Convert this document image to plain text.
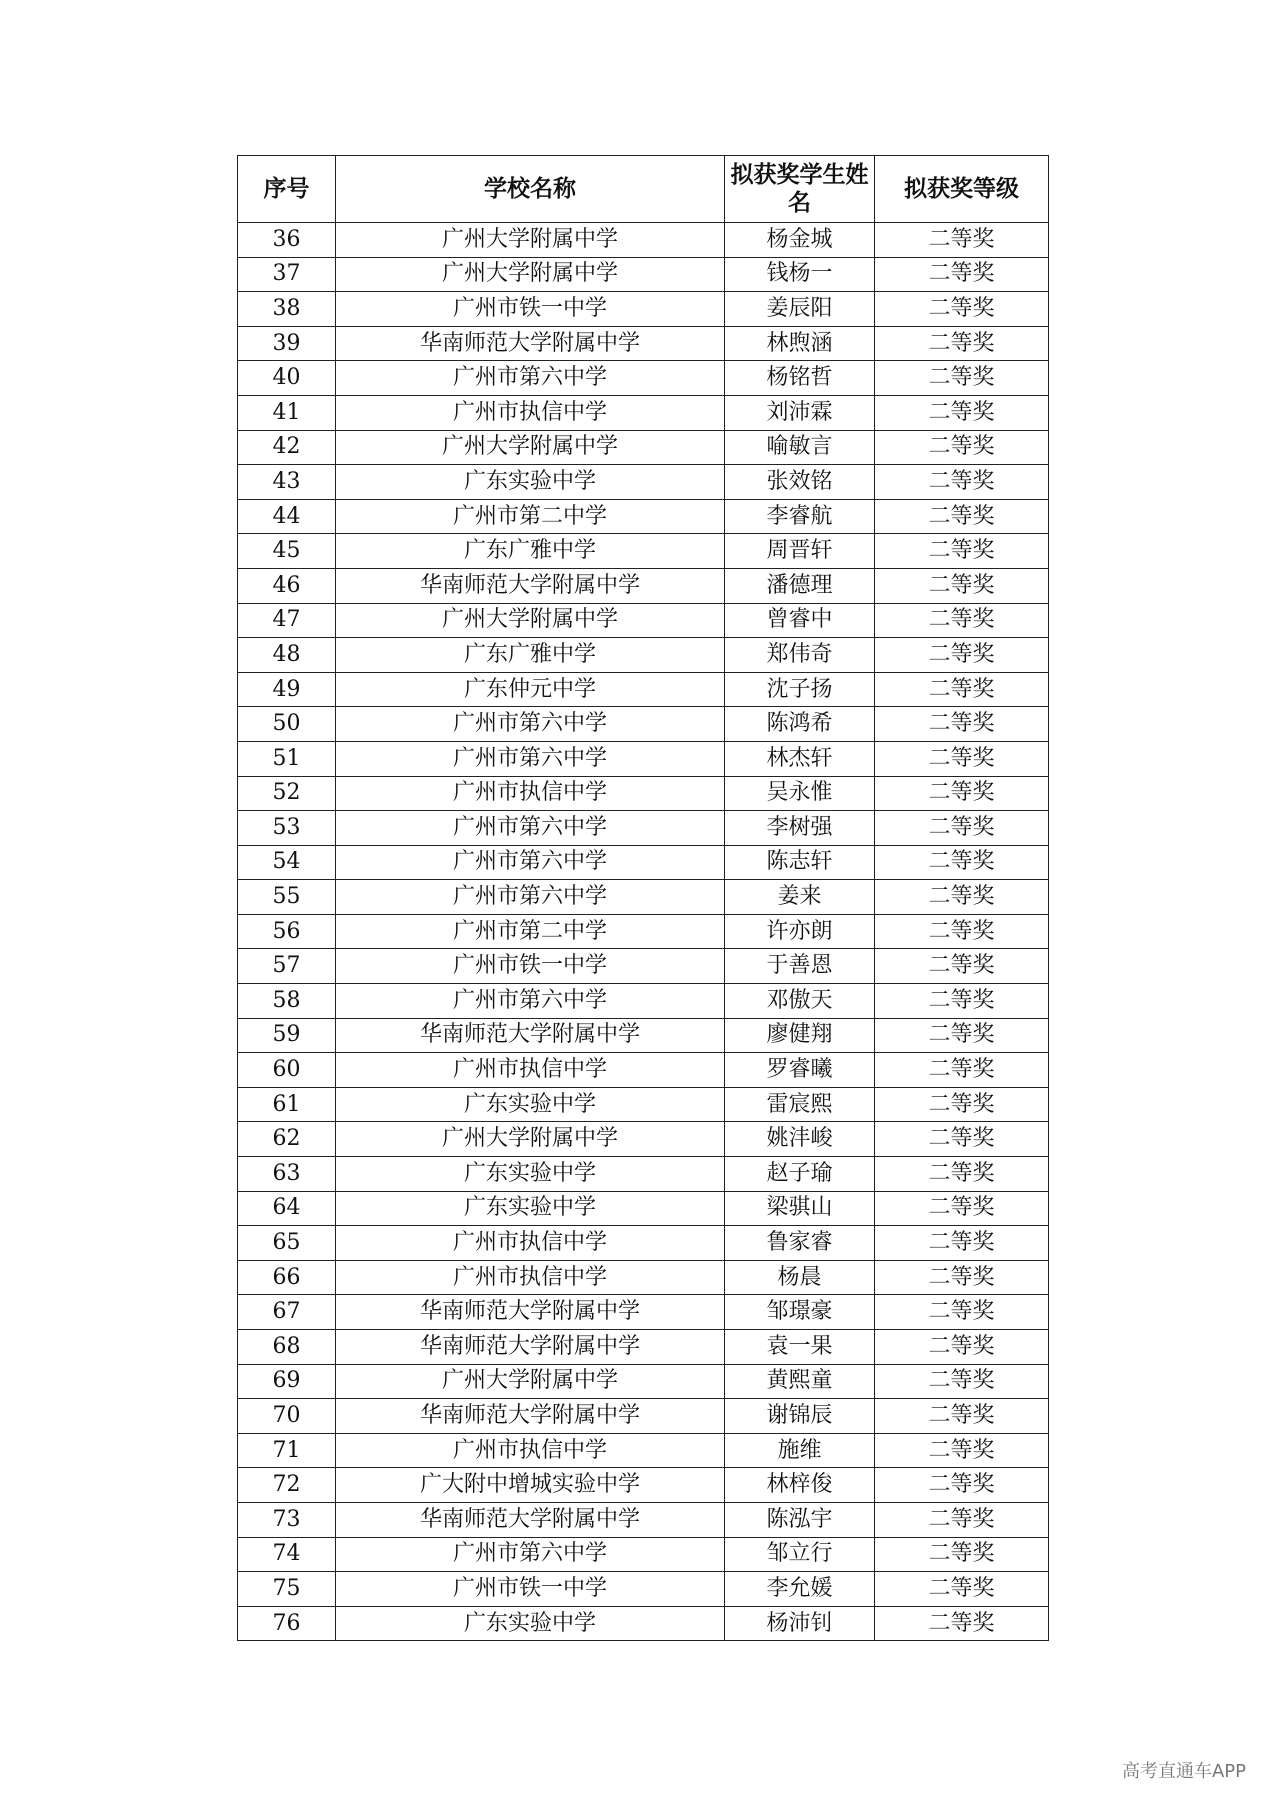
序号	学校名称	拟获奖学生姓名	拟获奖等级
36	广州大学附属中学	杨金城	二等奖
37	广州大学附属中学	钱杨一	二等奖
38	广州市铁一中学	姜辰阳	二等奖
39	华南师范大学附属中学	林煦涵	二等奖
40	广州市第六中学	杨铭哲	二等奖
41	广州市执信中学	刘沛霖	二等奖
42	广州大学附属中学	喻敏言	二等奖
43	广东实验中学	张效铭	二等奖
44	广州市第二中学	李睿航	二等奖
45	广东广雅中学	周晋轩	二等奖
46	华南师范大学附属中学	潘德理	二等奖
47	广州大学附属中学	曾睿中	二等奖
48	广东广雅中学	郑伟奇	二等奖
49	广东仲元中学	沈子扬	二等奖
50	广州市第六中学	陈鸿希	二等奖
51	广州市第六中学	林杰轩	二等奖
52	广州市执信中学	吴永惟	二等奖
53	广州市第六中学	李树强	二等奖
54	广州市第六中学	陈志轩	二等奖
55	广州市第六中学	姜来	二等奖
56	广州市第二中学	许亦朗	二等奖
57	广州市铁一中学	于善恩	二等奖
58	广州市第六中学	邓傲天	二等奖
59	华南师范大学附属中学	廖健翔	二等奖
60	广州市执信中学	罗睿曦	二等奖
61	广东实验中学	雷宸熙	二等奖
62	广州大学附属中学	姚沣峻	二等奖
63	广东实验中学	赵子瑜	二等奖
64	广东实验中学	梁骐山	二等奖
65	广州市执信中学	鲁家睿	二等奖
66	广州市执信中学	杨晨	二等奖
67	华南师范大学附属中学	邹璟豪	二等奖
68	华南师范大学附属中学	袁一果	二等奖
69	广州大学附属中学	黄熙童	二等奖
70	华南师范大学附属中学	谢锦辰	二等奖
71	广州市执信中学	施维	二等奖
72	广大附中增城实验中学	林梓俊	二等奖
73	华南师范大学附属中学	陈泓宇	二等奖
74	广州市第六中学	邹立行	二等奖
75	广州市铁一中学	李允媛	二等奖
76	广东实验中学	杨沛钊	二等奖
高考直通车APP
